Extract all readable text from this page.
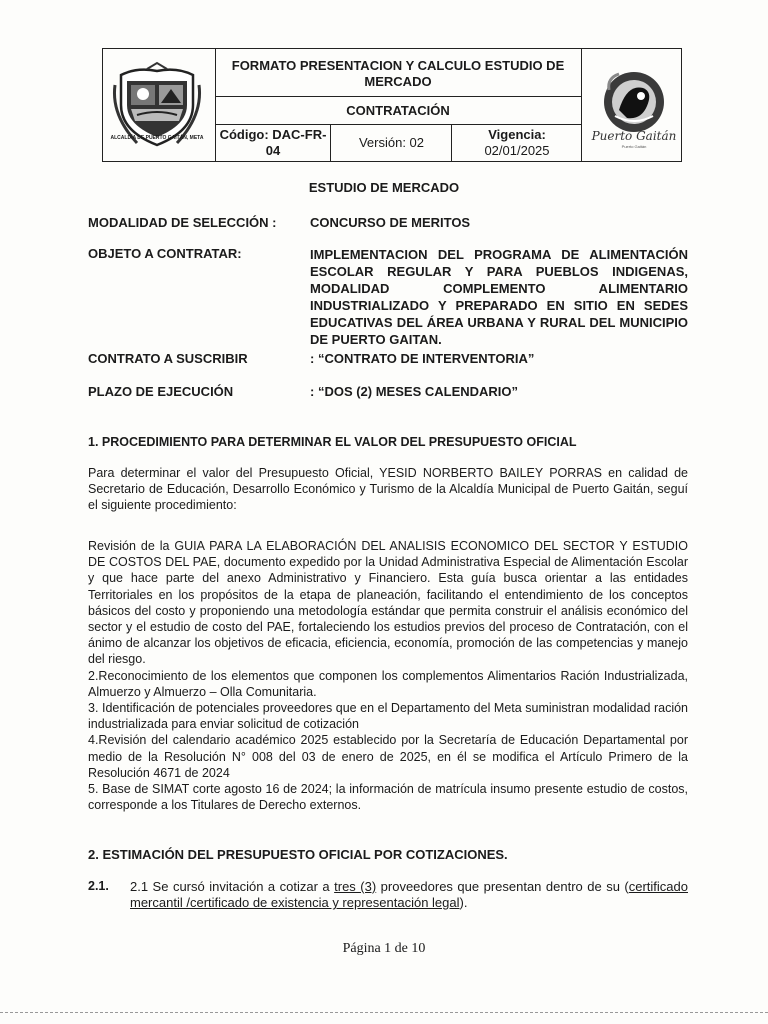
ALCALDÍA DE PUERTO GAITÁN, META
FORMATO PRESENTACION Y CALCULO ESTUDIO DE MERCADO
CONTRATACIÓN
Código: DAC-FR-04
Versión: 02
Vigencia:
02/01/2025
Puerto Gaitán
Puerto Gaitán
ESTUDIO DE MERCADO
MODALIDAD DE SELECCIÓN :	CONCURSO DE MERITOS
OBJETO A CONTRATAR:	IMPLEMENTACION DEL PROGRAMA DE ALIMENTACIÓN ESCOLAR REGULAR Y PARA PUEBLOS INDIGENAS, MODALIDAD COMPLEMENTO ALIMENTARIO INDUSTRIALIZADO Y PREPARADO EN SITIO EN SEDES EDUCATIVAS DEL ÁREA URBANA Y RURAL DEL MUNICIPIO DE PUERTO GAITAN.
CONTRATO A SUSCRIBIR	: “CONTRATO DE INTERVENTORIA”
PLAZO DE EJECUCIÓN	: “DOS (2) MESES CALENDARIO”
1. PROCEDIMIENTO PARA DETERMINAR EL VALOR DEL PRESUPUESTO OFICIAL

Para determinar el valor del Presupuesto Oficial, YESID NORBERTO BAILEY PORRAS en calidad de Secretario de Educación, Desarrollo Económico y Turismo de la Alcaldía Municipal de Puerto Gaitán, seguí el siguiente procedimiento:

Revisión de la GUIA PARA LA ELABORACIÓN DEL ANALISIS ECONOMICO DEL SECTOR Y ESTUDIO DE COSTOS DEL PAE, documento expedido por la Unidad Administrativa Especial de Alimentación Escolar y que hace parte del anexo Administrativo y Financiero. Esta guía busca orientar a las entidades Territoriales en los propósitos de la etapa de planeación, facilitando el entendimiento de los conceptos básicos del costo y proponiendo una metodología estándar que permita construir el análisis económico del sector y el estudio de costo del PAE, fortaleciendo los estudios previos del proceso de Contratación, con el ánimo de alcanzar los objetivos de eficacia, eficiencia, economía, promoción de las competencias y manejo del riesgo.

2.Reconocimiento de los elementos que componen los complementos Alimentarios Ración Industrializada, Almuerzo y Almuerzo – Olla Comunitaria.

3. Identificación de potenciales proveedores que en el Departamento del Meta suministran modalidad ración industrializada para enviar solicitud de cotización

4.Revisión del calendario académico 2025 establecido por la Secretaría de Educación Departamental por medio de la Resolución N° 008 del 03 de enero de 2025, en él se modifica el Artículo Primero de la Resolución 4671 de 2024

5. Base de SIMAT corte agosto 16 de 2024; la información de matrícula insumo presente estudio de costos, corresponde a los Titulares de Derecho externos.

2. ESTIMACIÓN DEL PRESUPUESTO OFICIAL POR COTIZACIONES.
2.1. 2.1 Se cursó invitación a cotizar a tres (3) proveedores que presentan dentro de su (certificado mercantil /certificado de existencia y representación legal).
Página 1 de 10
